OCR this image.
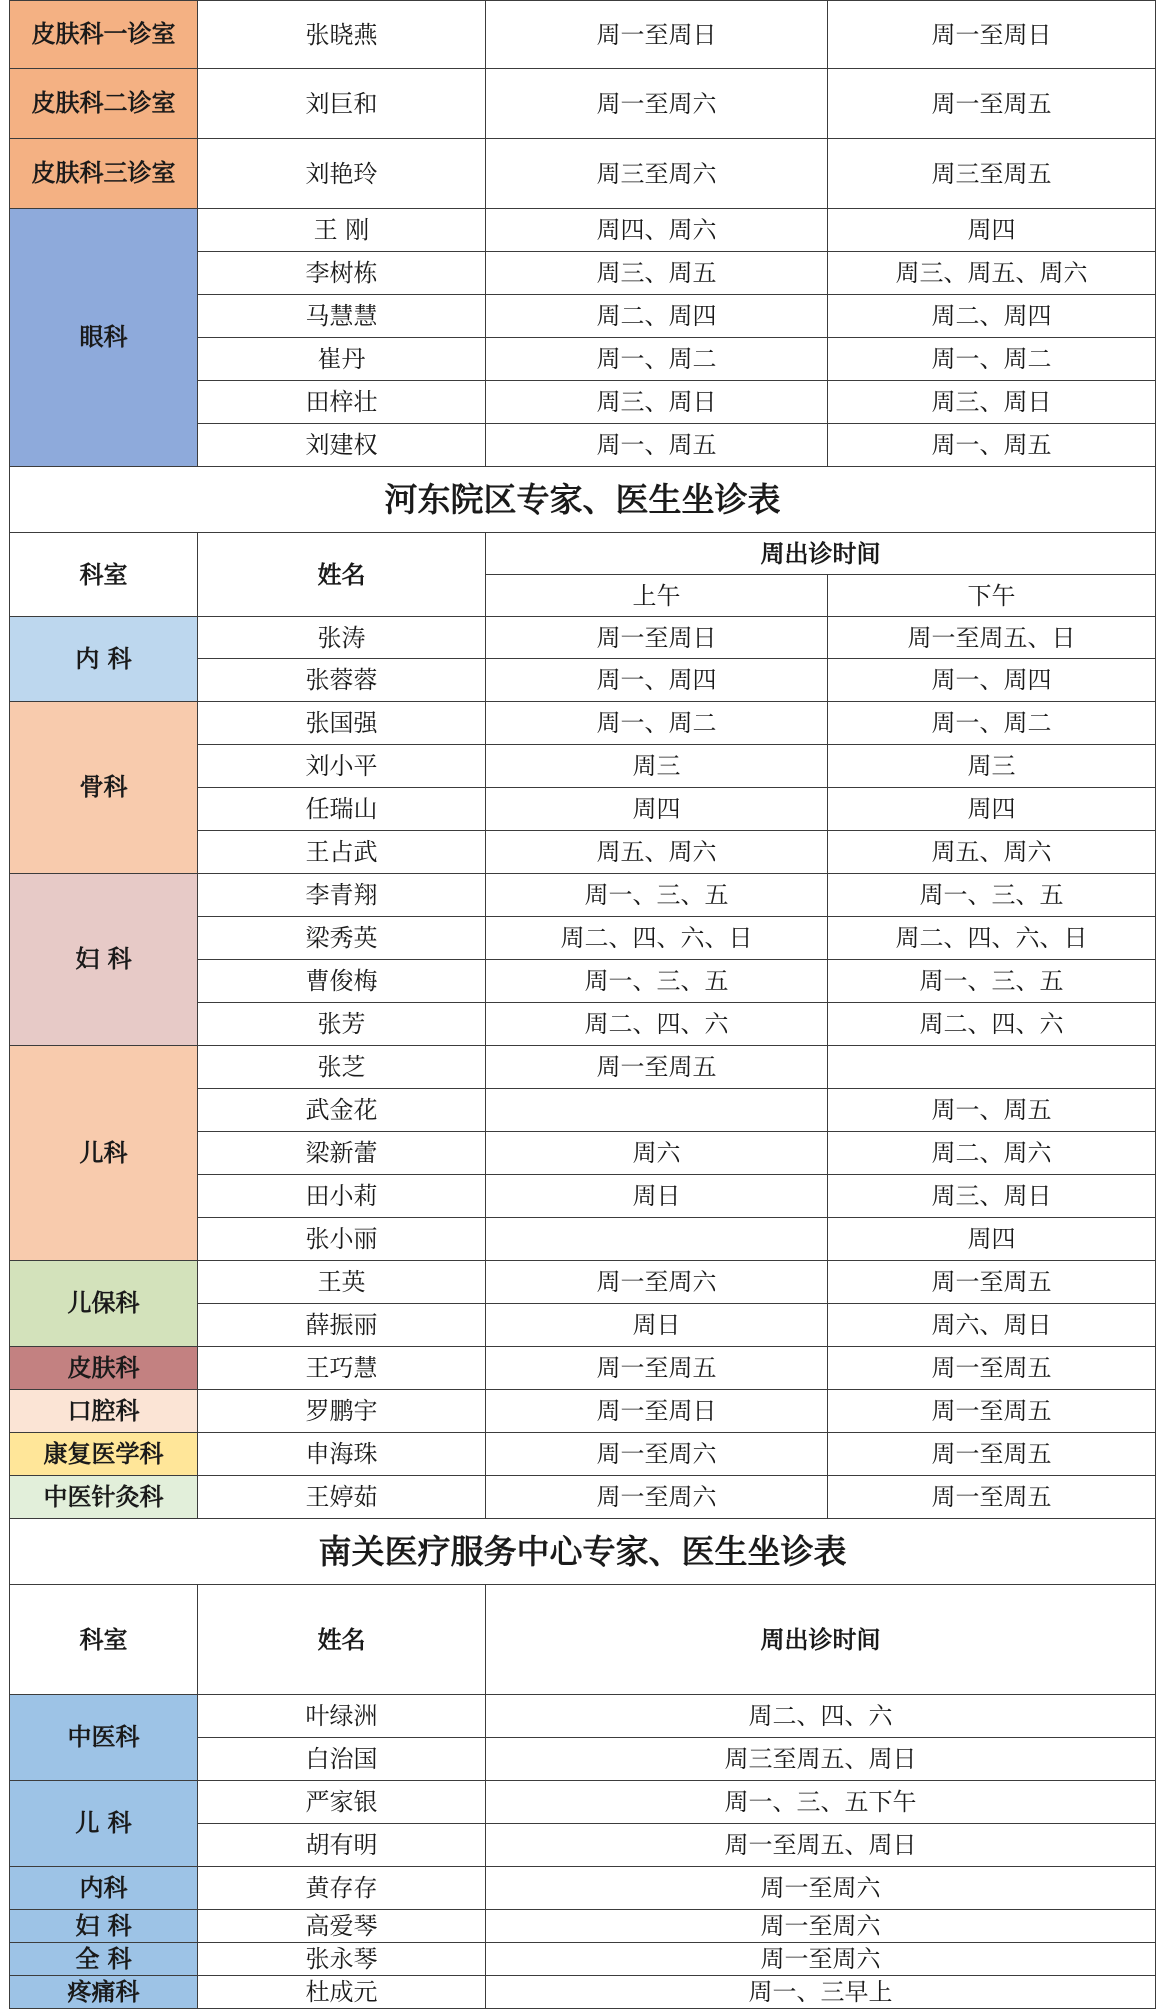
皮肤科一诊室	张晓燕	周一至周日	周一至周日
皮肤科二诊室	刘巨和	周一至周六	周一至周五
皮肤科三诊室	刘艳玲	周三至周六	周三至周五
眼科	王 刚	周四、周六	周四
	李树栋	周三、周五	周三、周五、周六
	马慧慧	周二、周四	周二、周四
	崔丹	周一、周二	周一、周二
	田梓壮	周三、周日	周三、周日
	刘建权	周一、周五	周一、周五
河东院区专家、医生坐诊表			
科室	姓名	周出诊时间	
		上午	下午
内 科	张涛	周一至周日	周一至周五、日
	张蓉蓉	周一、周四	周一、周四
骨科	张国强	周一、周二	周一、周二
	刘小平	周三	周三
	任瑞山	周四	周四
	王占武	周五、周六	周五、周六
妇 科	李青翔	周一、三、五	周一、三、五
	梁秀英	周二、四、六、日	周二、四、六、日
	曹俊梅	周一、三、五	周一、三、五
	张芳	周二、四、六	周二、四、六
儿科	张芝	周一至周五	
	武金花		周一、周五
	梁新蕾	周六	周二、周六
	田小莉	周日	周三、周日
	张小丽		周四
儿保科	王英	周一至周六	周一至周五
	薛振丽	周日	周六、周日
皮肤科	王巧慧	周一至周五	周一至周五
口腔科	罗鹏宇	周一至周日	周一至周五
康复医学科	申海珠	周一至周六	周一至周五
中医针灸科	王婷茹	周一至周六	周一至周五
南关医疗服务中心专家、医生坐诊表			
科室	姓名	周出诊时间	
中医科	叶绿洲	周二、四、六	
	白治国	周三至周五、周日	
儿 科	严家银	周一、三、五下午	
	胡有明	周一至周五、周日	
内科	黄存存	周一至周六	
妇 科	高爱琴	周一至周六	
全 科	张永琴	周一至周六	
疼痛科	杜成元	周一、三早上	
